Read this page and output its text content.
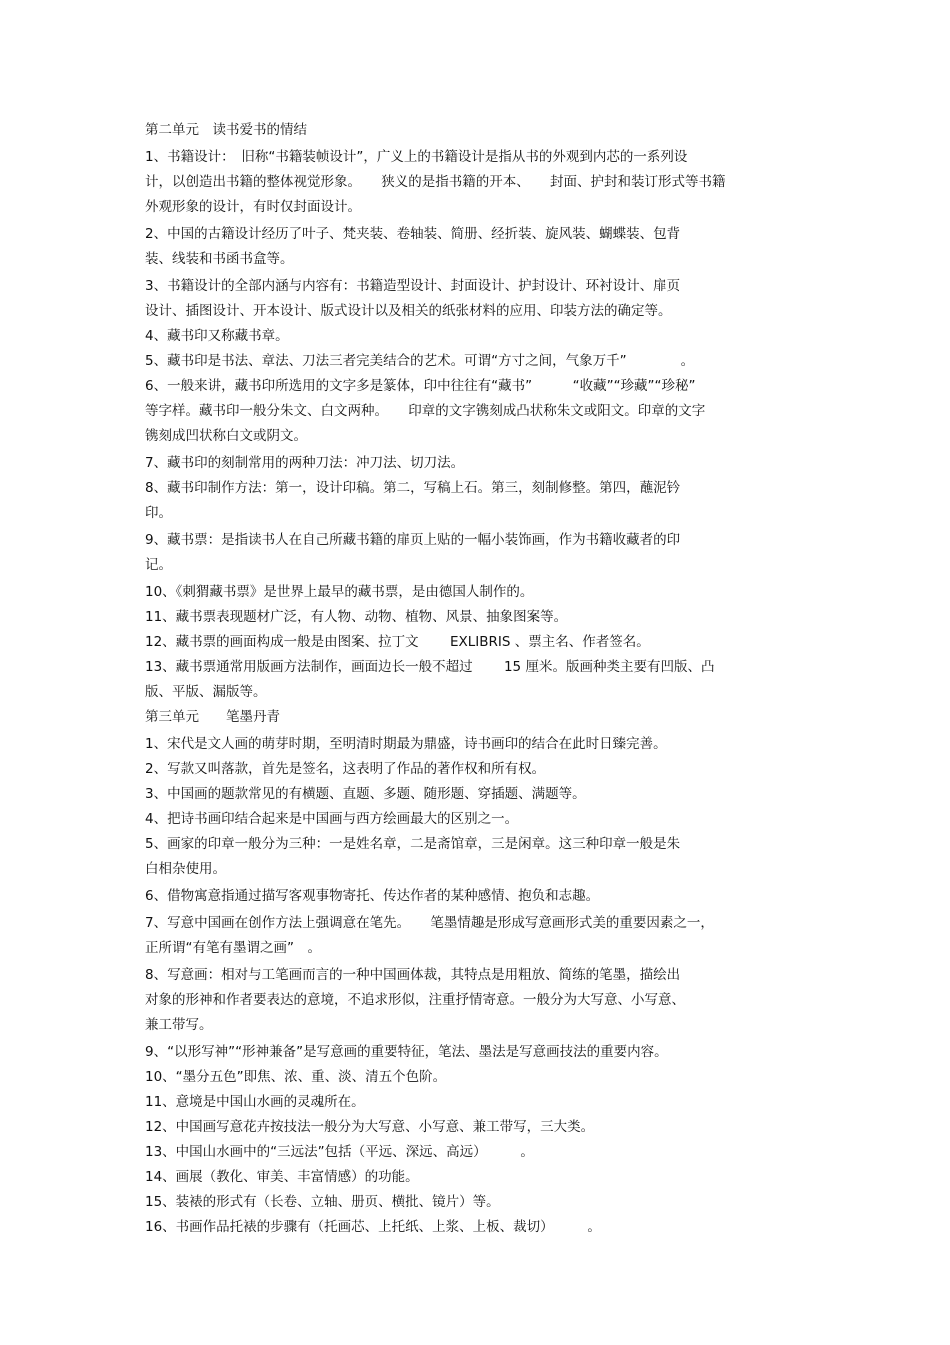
第二单元　读书爱书的情结
1、书籍设计：　旧称“书籍装帧设计”，广义上的书籍设计是指从书的外观到内芯的一系列设
计，以创造出书籍的整体视觉形象。　　狭义的是指书籍的开本、　　封面、护封和装订形式等书籍
外观形象的设计，有时仅封面设计。
2、中国的古籍设计经历了叶子、梵夹装、卷轴装、简册、经折装、旋风装、蝴蝶装、包背
装、线装和书函书盒等。
3、书籍设计的全部内涵与内容有：书籍造型设计、封面设计、护封设计、环衬设计、扉页
设计、插图设计、开本设计、版式设计以及相关的纸张材料的应用、印装方法的确定等。
4、藏书印又称藏书章。
5、藏书印是书法、章法、刀法三者完美结合的艺术。可谓“方寸之间，气象万千”　　　　。
6、一般来讲，藏书印所选用的文字多是篆体，印中往往有“藏书”　　　“收藏”“珍藏”“珍秘”
等字样。藏书印一般分朱文、白文两种。　　印章的文字镌刻成凸状称朱文或阳文。印章的文字
镌刻成凹状称白文或阴文。
7、藏书印的刻制常用的两种刀法：冲刀法、切刀法。
8、藏书印制作方法：第一，设计印稿。第二，写稿上石。第三，刻制修整。第四，蘸泥钤
印。
9、藏书票：是指读书人在自己所藏书籍的扉页上贴的一幅小装饰画，作为书籍收藏者的印
记。
10、《刺猬藏书票》是世界上最早的藏书票，是由德国人制作的。
11、藏书票表现题材广泛，有人物、动物、植物、风景、抽象图案等。
12、藏书票的画面构成一般是由图案、拉丁文　　 EXLIBRIS 、票主名、作者签名。
13、藏书票通常用版画方法制作，画面边长一般不超过　　 15 厘米。版画种类主要有凹版、凸
版、平版、漏版等。
第三单元　　笔墨丹青
1、宋代是文人画的萌芽时期，至明清时期最为鼎盛，诗书画印的结合在此时日臻完善。
2、写款又叫落款，首先是签名，这表明了作品的著作权和所有权。
3、中国画的题款常见的有横题、直题、多题、随形题、穿插题、满题等。
4、把诗书画印结合起来是中国画与西方绘画最大的区别之一。
5、画家的印章一般分为三种：一是姓名章，二是斋馆章，三是闲章。这三种印章一般是朱
白相杂使用。
6、借物寓意指通过描写客观事物寄托、传达作者的某种感情、抱负和志趣。
7、写意中国画在创作方法上强调意在笔先。　　笔墨情趣是形成写意画形式美的重要因素之一，
正所谓“有笔有墨谓之画”　。
8、写意画：相对与工笔画而言的一种中国画体裁，其特点是用粗放、简练的笔墨，描绘出
对象的形神和作者要表达的意境，不追求形似，注重抒情寄意。一般分为大写意、小写意、
兼工带写。
9、“以形写神”“形神兼备”是写意画的重要特征，笔法、墨法是写意画技法的重要内容。
10、“墨分五色”即焦、浓、重、淡、清五个色阶。
11、意境是中国山水画的灵魂所在。
12、中国画写意花卉按技法一般分为大写意、小写意、兼工带写，三大类。
13、中国山水画中的“三远法”包括（平远、深远、高远）　　　。
14、画展（教化、审美、丰富情感）的功能。
15、装裱的形式有（长卷、立轴、册页、横批、镜片）等。
16、书画作品托裱的步骤有（托画芯、上托纸、上浆、上板、裁切）　　　。
